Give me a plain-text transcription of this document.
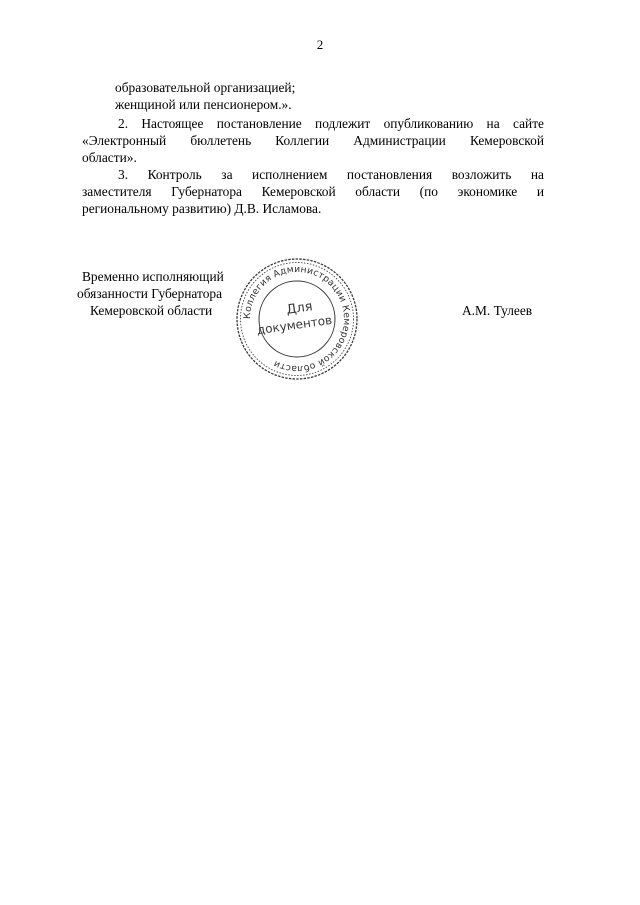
2
образовательной организацией;
женщиной или пенсионером.».
2. Настоящее постановление подлежит опубликованию на сайте
«Электронный бюллетень Коллегии Администрации Кемеровской
области».
3. Контроль за исполнением постановления возложить на
заместителя Губернатора Кемеровской области (по экономике и
региональному развитию) Д.В. Исламова.
Временно исполняющий
обязанности Губернатора
Кемеровской области	А.М. Тулеев
Коллегия Администрации Кемеровской области
Для
документов
